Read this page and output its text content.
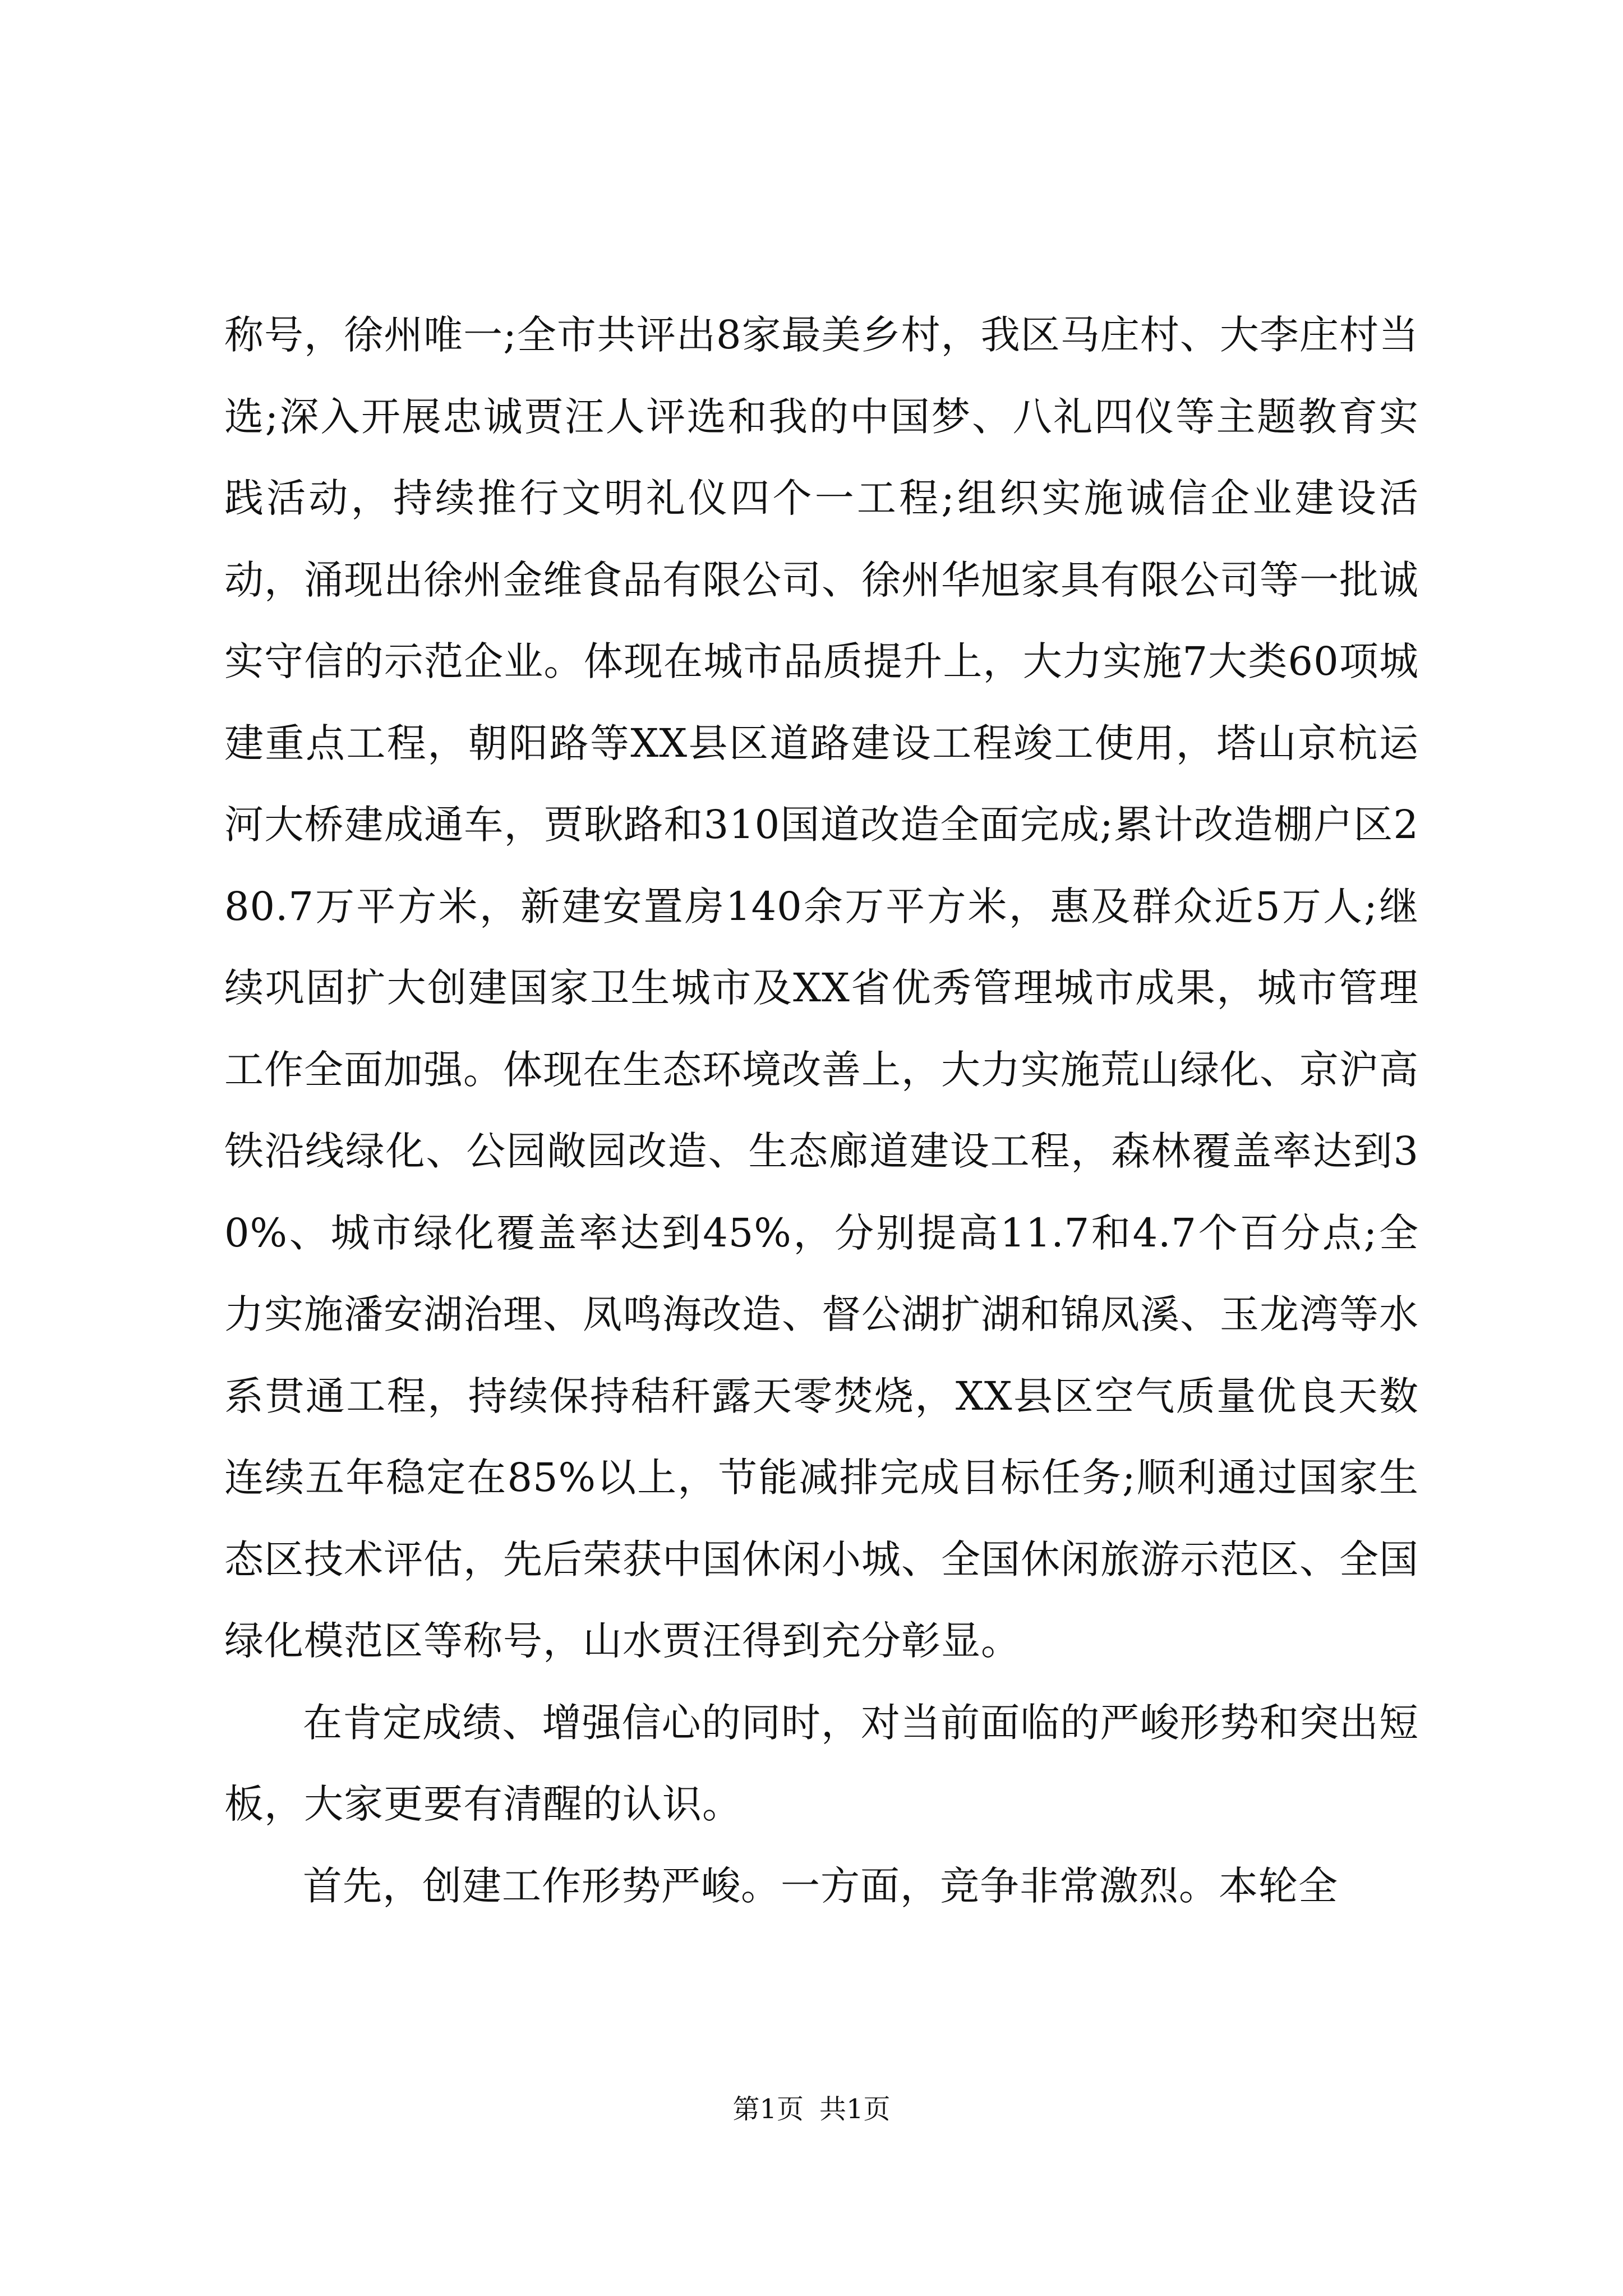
称号，徐州唯一;全市共评出8家最美乡村，我区马庄村、大李庄村当选;深入开展忠诚贾汪人评选和我的中国梦、八礼四仪等主题教育实践活动，持续推行文明礼仪四个一工程;组织实施诚信企业建设活动，涌现出徐州金维食品有限公司、徐州华旭家具有限公司等一批诚实守信的示范企业。体现在城市品质提升上，大力实施7大类60项城建重点工程，朝阳路等XX县区道路建设工程竣工使用，塔山京杭运河大桥建成通车，贾耿路和310国道改造全面完成;累计改造棚户区280.7万平方米，新建安置房140余万平方米，惠及群众近5万人;继续巩固扩大创建国家卫生城市及XX省优秀管理城市成果，城市管理工作全面加强。体现在生态环境改善上，大力实施荒山绿化、京沪高铁沿线绿化、公园敞园改造、生态廊道建设工程，森林覆盖率达到30%、城市绿化覆盖率达到45%，分别提高11.7和4.7个百分点;全力实施潘安湖治理、凤鸣海改造、督公湖扩湖和锦凤溪、玉龙湾等水系贯通工程，持续保持秸秆露天零焚烧，XX县区空气质量优良天数连续五年稳定在85%以上，节能减排完成目标任务;顺利通过国家生态区技术评估，先后荣获中国休闲小城、全国休闲旅游示范区、全国绿化模范区等称号，山水贾汪得到充分彰显。

在肯定成绩、增强信心的同时，对当前面临的严峻形势和突出短板，大家更要有清醒的认识。

首先，创建工作形势严峻。一方面，竞争非常激烈。本轮全

第1页 共1页
